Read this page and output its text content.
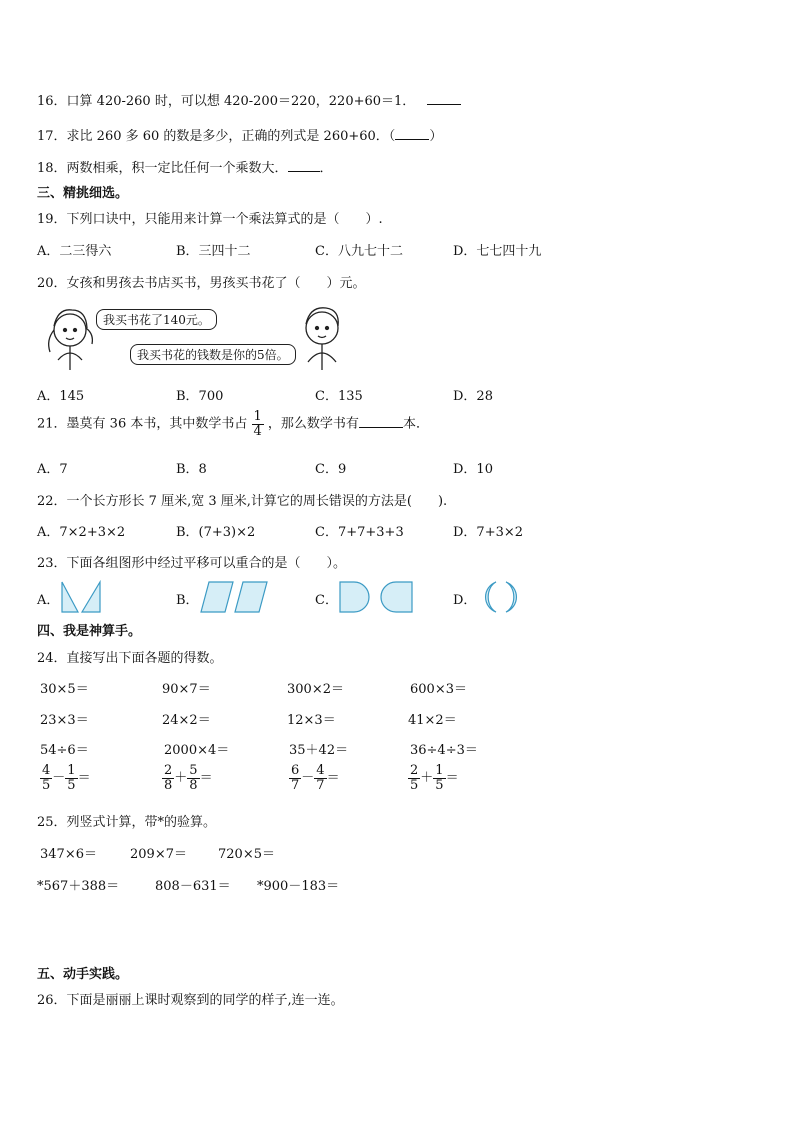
16．口算 420-260 时，可以想 420-200＝220，220+60＝1．
17．求比 260 多 60 的数是多少，正确的列式是 260+60．（	）
18．两数相乘，积一定比任何一个乘数大． ．
三、精挑细选。
19．下列口诀中，只能用来计算一个乘法算式的是（　　）.
A．二三得六	B．三四十二	C．八九七十二	D．七七四十九
20．女孩和男孩去书店买书，男孩买书花了（　　）元。
我买书花了140元。
我买书花的钱数是你的5倍。
A．145	B．700	C．135	D．28
21．墨莫有 36 本书，其中数学书占 $\frac{1}{4}$ ，那么数学书有	本．
A．7	B．8	C．9	D．10
22．一个长方形长 7 厘米,宽 3 厘米,计算它的周长错误的方法是(　　).
A．7×2+3×2	B．(7+3)×2	C．7+7+3+3	D．7+3×2
23．下面各组图形中经过平移可以重合的是（　　）。
A．	B．	C．	D．
四、我是神算手。
24．直接写出下面各题的得数。
30×5＝	90×7＝	300×2＝	600×3＝
23×3＝	24×2＝	12×3＝	41×2＝
54÷6＝	2000×4＝	35＋42＝	36÷4÷3＝
$\frac{4}{5} - \frac{1}{5}$ ＝	$\frac{2}{8} + \frac{5}{8}$ ＝	$\frac{6}{7} - \frac{4}{7}$ ＝	$\frac{2}{5} + \frac{1}{5}$ ＝
25．列竖式计算，带*的验算。
347×6＝	209×7＝ 720×5＝
*567＋388＝	808－631＝ *900－183＝
五、动手实践。
26．下面是丽丽上课时观察到的同学的样子,连一连。
